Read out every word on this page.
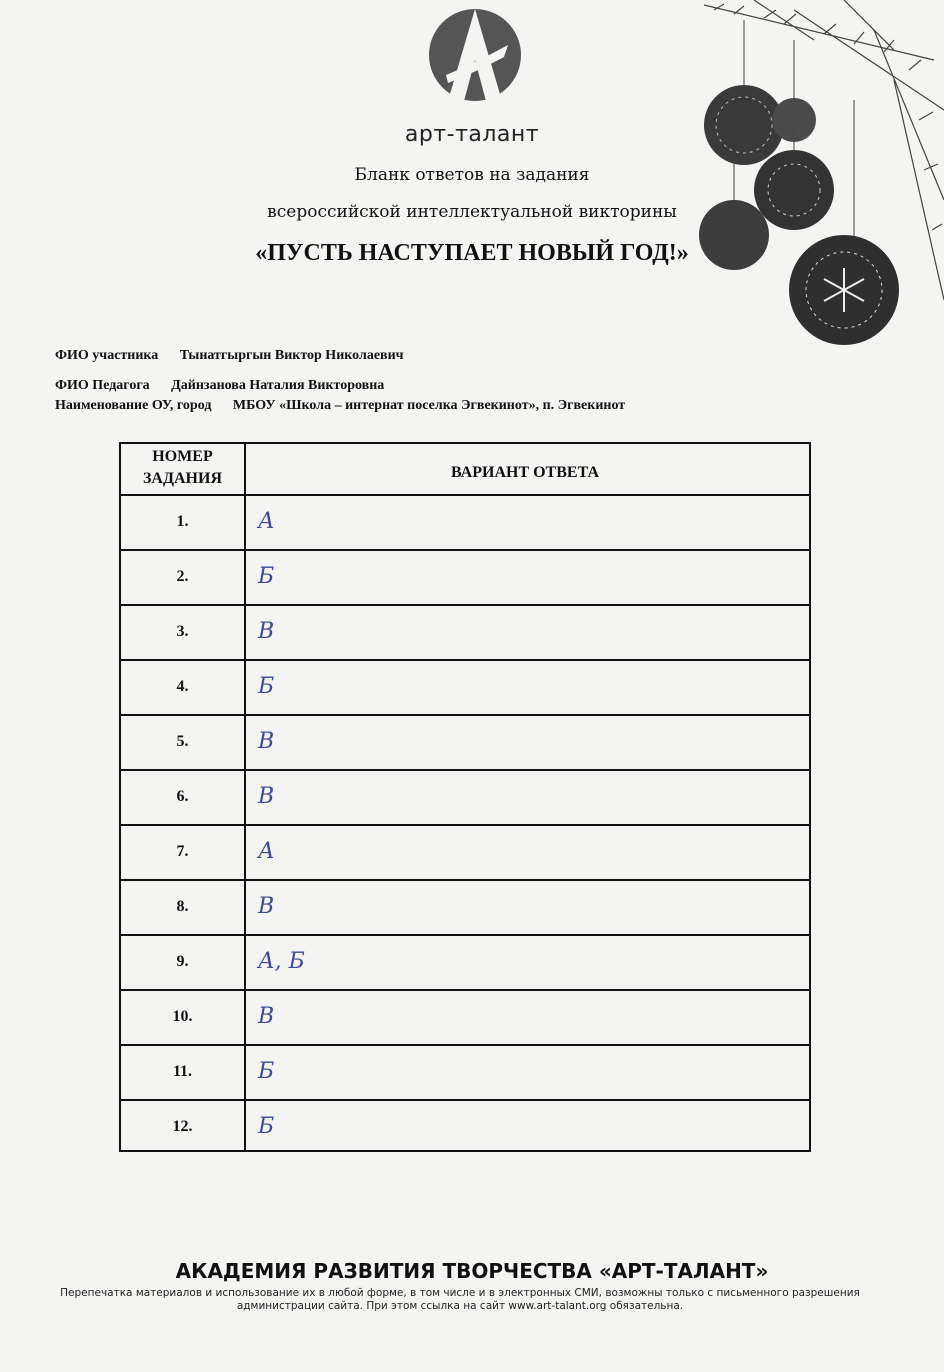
арт-талант
Бланк ответов на задания
всероссийской интеллектуальной викторины
«ПУСТЬ НАСТУПАЕТ НОВЫЙ ГОД!»
ФИО участника Тынатгыргын Виктор Николаевич
ФИО Педагога Дайнзанова Наталия Викторовна
Наименование ОУ, город МБОУ «Школа – интернат поселка Эгвекинот», п. Эгвекинот
НОМЕР
ЗАДАНИЯ	ВАРИАНТ ОТВЕТА
1.	А
2.	Б
3.	В
4.	Б
5.	В
6.	В
7.	А
8.	В
9.	А, Б
10.	В
11.	Б
12.	Б
АКАДЕМИЯ РАЗВИТИЯ ТВОРЧЕСТВА «АРТ-ТАЛАНТ»
Перепечатка материалов и использование их в любой форме, в том числе и в электронных СМИ, возможны только с письменного разрешения администрации сайта. При этом ссылка на сайт www.art-talant.org обязательна.
